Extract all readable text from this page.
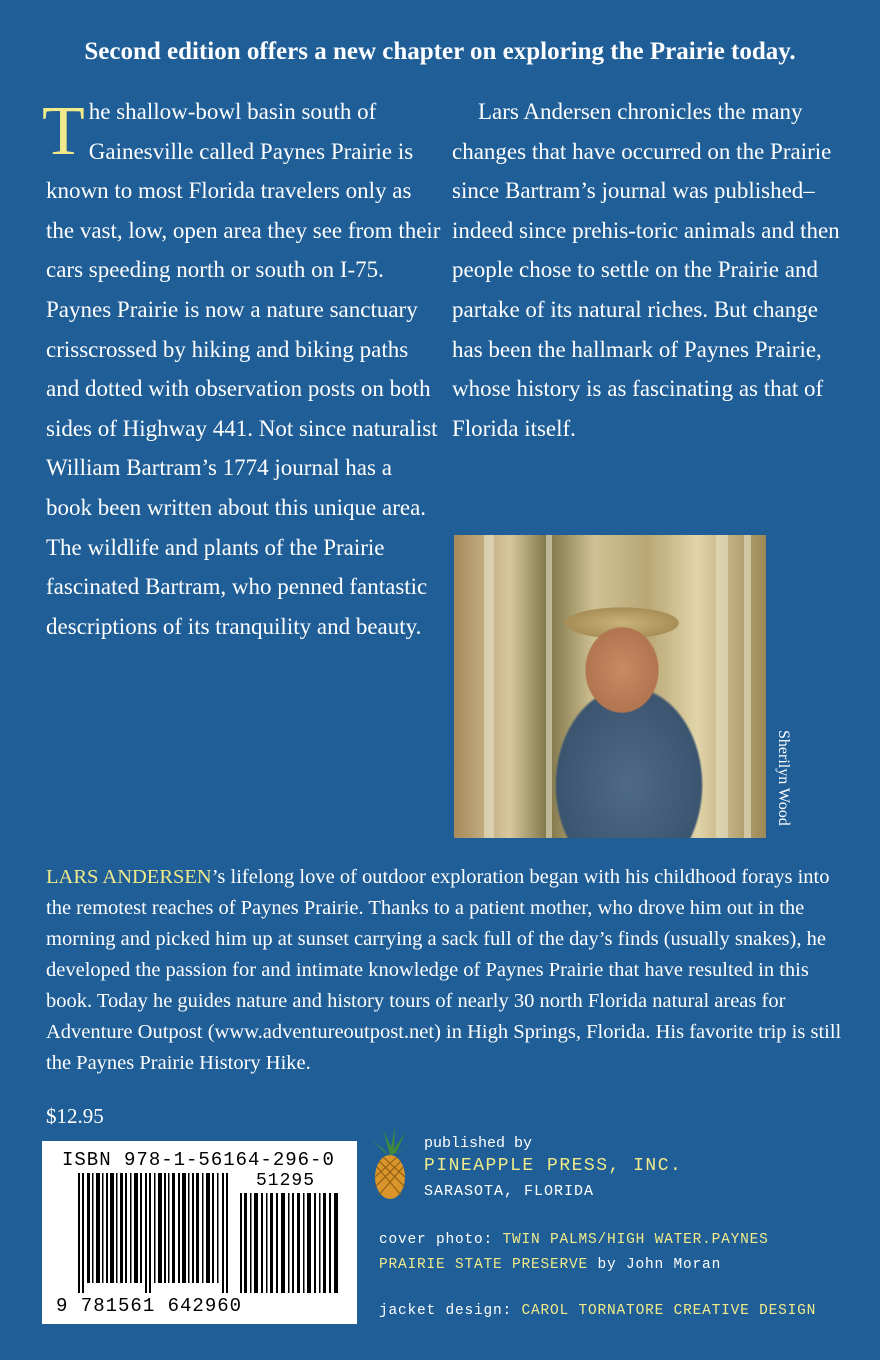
Second edition offers a new chapter on exploring the Prairie today.
The shallow-bowl basin south of Gainesville called Paynes Prairie is known to most Florida travelers only as the vast, low, open area they see from their cars speeding north or south on I-75. Paynes Prairie is now a nature sanctuary crisscrossed by hiking and biking paths and dotted with observation posts on both sides of Highway 441. Not since naturalist William Bartram’s 1774 journal has a book been written about this unique area. The wildlife and plants of the Prairie fascinated Bartram, who penned fantastic descriptions of its tranquility and beauty.
Lars Andersen chronicles the many changes that have occurred on the Prairie since Bartram’s journal was published–indeed since prehis-toric animals and then people chose to settle on the Prairie and partake of its natural riches. But change has been the hallmark of Paynes Prairie, whose history is as fascinating as that of Florida itself.
Sherilyn Wood
LARS ANDERSEN’s lifelong love of outdoor exploration began with his childhood forays into the remotest reaches of Paynes Prairie. Thanks to a patient mother, who drove him out in the morning and picked him up at sunset carrying a sack full of the day’s finds (usually snakes), he developed the passion for and intimate knowledge of Paynes Prairie that have resulted in this book. Today he guides nature and history tours of nearly 30 north Florida natural areas for Adventure Outpost (www.adventureoutpost.net) in High Springs, Florida. His favorite trip is still the Paynes Prairie History Hike.
$12.95
ISBN 978-1-56164-296-0
51295
9 781561 642960
published by
PINEAPPLE PRESS, INC.
SARASOTA, FLORIDA
cover photo: TWIN PALMS/HIGH WATER.PAYNES
PRAIRIE STATE PRESERVE by John Moran
jacket design: CAROL TORNATORE CREATIVE DESIGN
